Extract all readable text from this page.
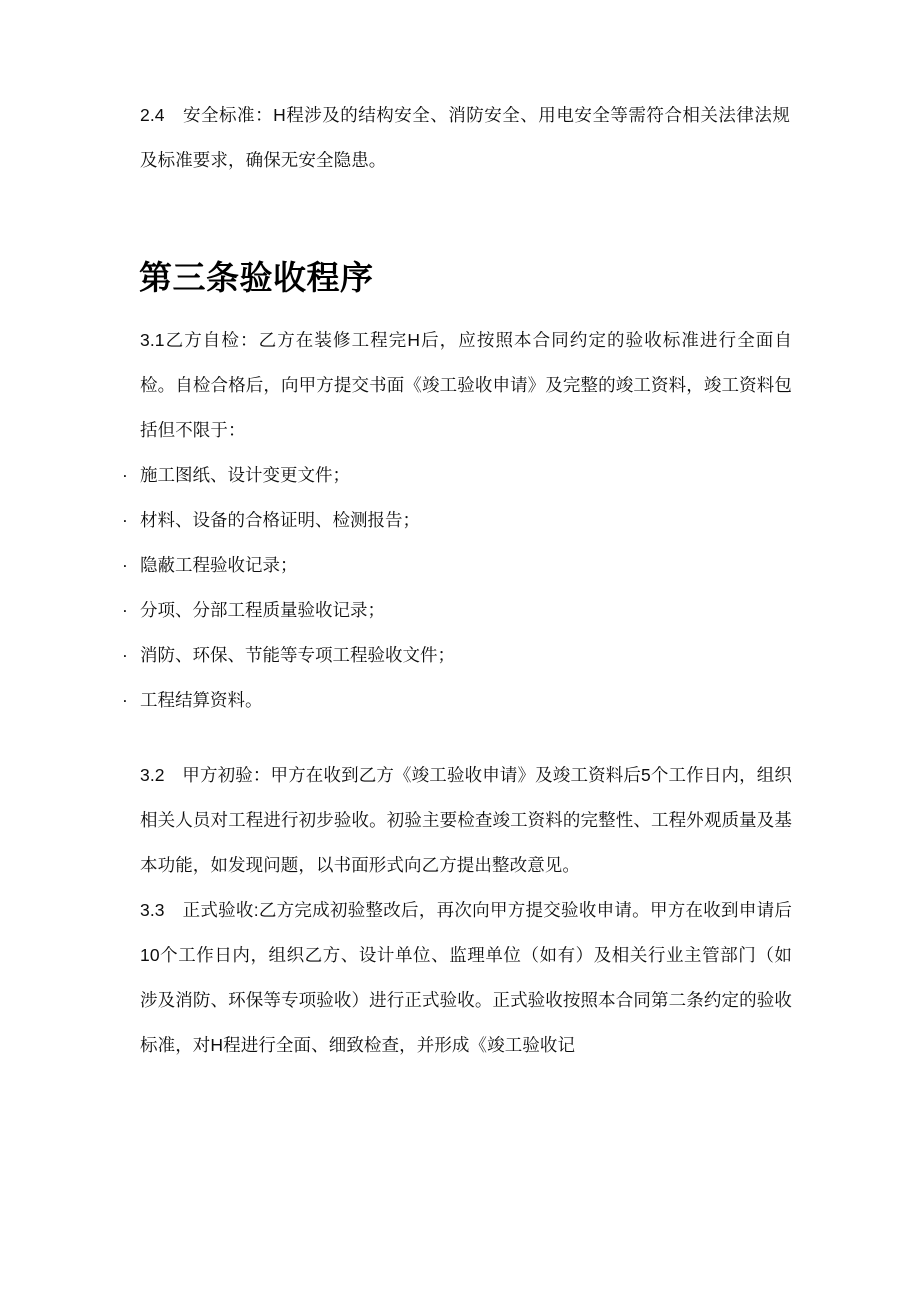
2.4　安全标准：H程涉及的结构安全、消防安全、用电安全等需符合相关法律法规及标准要求，确保无安全隐患。

第三条验收程序

3.1乙方自检：乙方在装修工程完H后，应按照本合同约定的验收标准进行全面自检。自检合格后，向甲方提交书面《竣工验收申请》及完整的竣工资料，竣工资料包括但不限于：

· 施工图纸、设计变更文件；
· 材料、设备的合格证明、检测报告；
· 隐蔽工程验收记录；
· 分项、分部工程质量验收记录；
· 消防、环保、节能等专项工程验收文件；
· 工程结算资料。

3.2　甲方初验：甲方在收到乙方《竣工验收申请》及竣工资料后5个工作日内，组织相关人员对工程进行初步验收。初验主要检查竣工资料的完整性、工程外观质量及基本功能，如发现问题，以书面形式向乙方提出整改意见。

3.3　正式验收:乙方完成初验整改后，再次向甲方提交验收申请。甲方在收到申请后10个工作日内，组织乙方、设计单位、监理单位（如有）及相关行业主管部门（如涉及消防、环保等专项验收）进行正式验收。正式验收按照本合同第二条约定的验收标准，对H程进行全面、细致检查，并形成《竣工验收记
